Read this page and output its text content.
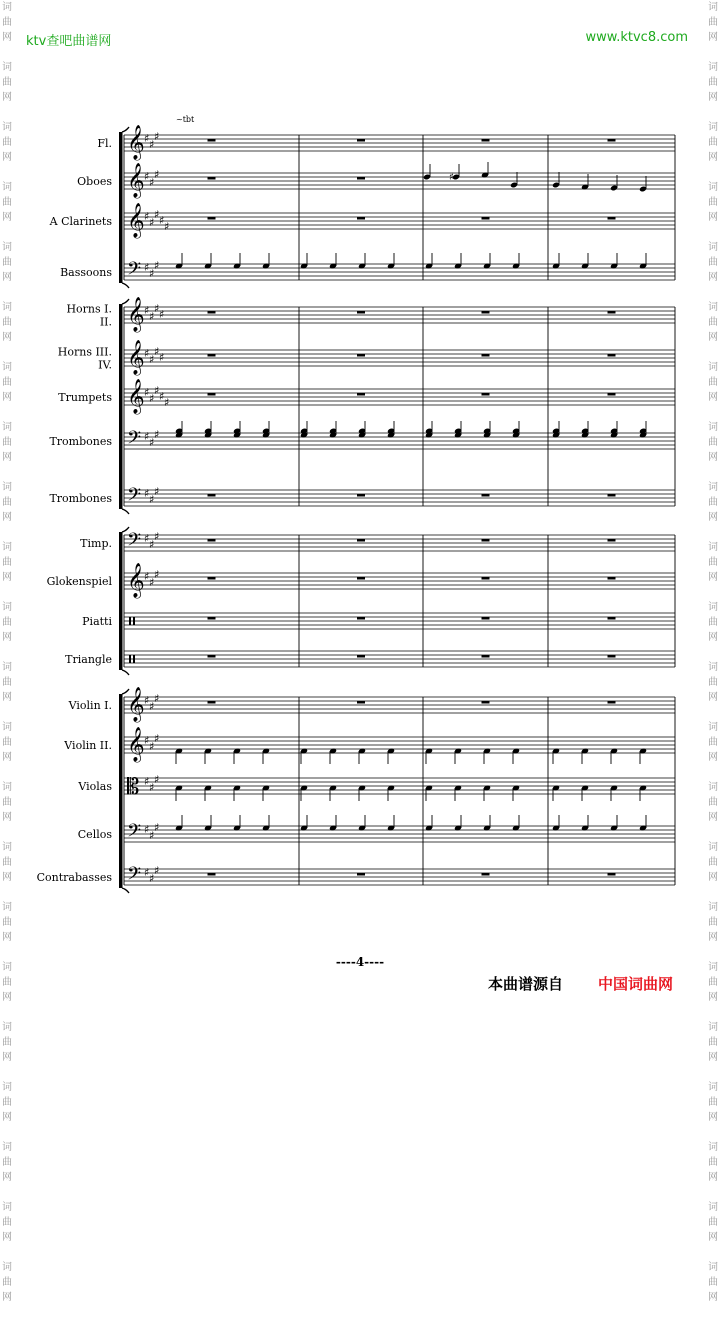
词
曲
网

词
曲
网

词
曲
网

词
曲
网

词
曲
网

词
曲
网

词
曲
网

词
曲
网

词
曲
网

词
曲
网

词
曲
网

词
曲
网

词
曲
网

词
曲
网

词
曲
网

词
曲
网

词
曲
网

词
曲
网

词
曲
网

词
曲
网

词
曲
网

词
曲
网

词
曲
网

词
曲
网

词
曲
网

词
曲
网

词
曲
网

词
曲
网

词
曲
网

词
曲
网

词
曲
网

词
曲
网

词
曲
网

词
曲
网

词
曲
网

词
曲
网

词
曲
网

词
曲
网

词
曲
网

词
曲
网

词
曲
网

词
曲
网

词
曲
网

词
曲
网

ktv查吧曲谱网	www.ktvc8.com
~tbt
𝄞 ♯ ♯
♯
Fl.
𝄞 ♯ ♯
♯
Oboes	♯
𝄞 ♯ ♯
♯ ♯ ♯
A Clarinets
𝄢 ♯ ♯
♯
Bassoons
𝄞 ♯ ♯
♯ ♯
Horns I.
II.
𝄞 ♯ ♯
♯ ♯
Horns III.
IV.
𝄞 ♯ ♯
♯ ♯ ♯
Trumpets
𝄢 ♯ ♯
♯
Trombones
𝄢 ♯ ♯
♯
Trombones
𝄢 ♯ ♯
♯
Timp.
𝄞 ♯ ♯
♯
Glokenspiel
Piatti
Triangle
𝄞 ♯ ♯
♯
Violin I.
𝄞 ♯ ♯
♯
Violin II.
𝄡 ♯ ♯
♯
Violas
𝄢 ♯ ♯
♯
Cellos
𝄢 ♯ ♯
♯
Contrabasses
----4----
本曲谱源自 中国词曲网
